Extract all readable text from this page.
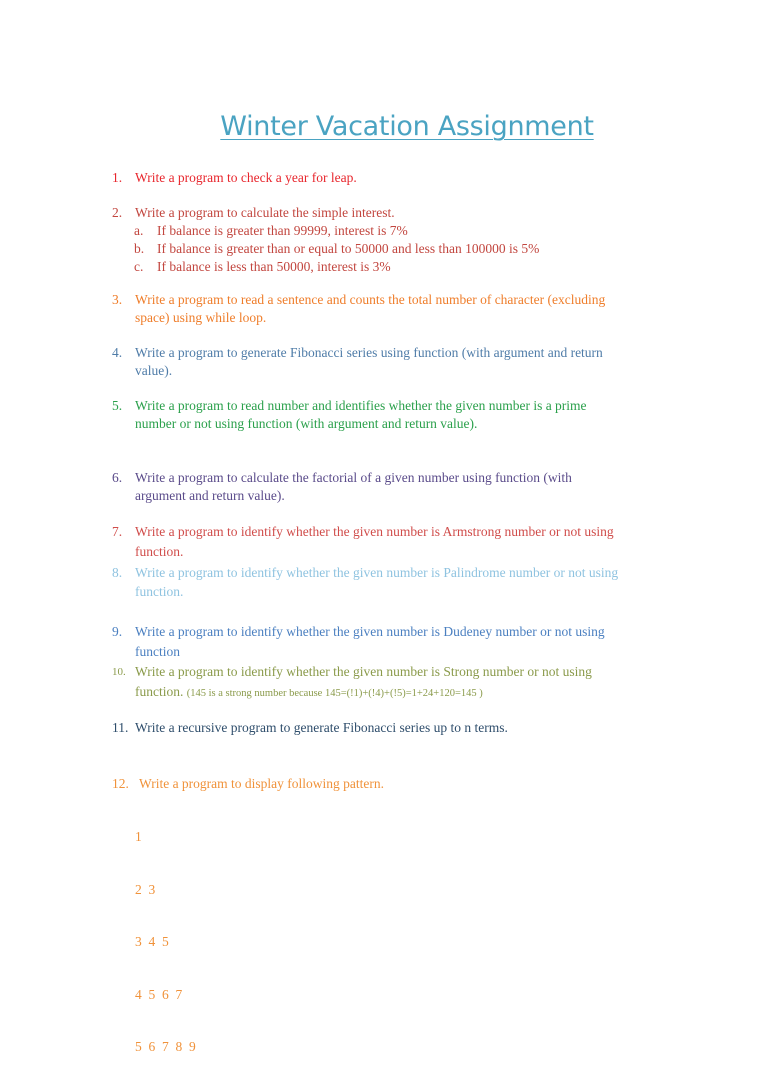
Winter Vacation Assignment
1. Write a program to check a year for leap.
2. Write a program to calculate the simple interest.
a. If balance is greater than 99999, interest is 7%
b. If balance is greater than or equal to 50000 and less than 100000 is 5%
c. If balance is less than 50000, interest is 3%
3. Write a program to read a sentence and counts the total number of character (excluding
space) using while loop.
4. Write a program to generate Fibonacci series using function (with argument and return
value).
5. Write a program to read number and identifies whether the given number is a prime
number or not using function (with argument and return value).
6. Write a program to calculate the factorial of a given number using function (with
argument and return value).
7. Write a program to identify whether the given number is Armstrong number or not using
function.
8. Write a program to identify whether the given number is Palindrome number or not using
function.
9. Write a program to identify whether the given number is Dudeney number or not using
function
10. Write a program to identify whether the given number is Strong number or not using
function. (145 is a strong number because 145=(!1)+(!4)+(!5)=1+24+120=145 )
11. Write a recursive program to generate Fibonacci series up to n terms.
12. Write a program to display following pattern.

1

2  3

3  4  5

4  5  6  7

5  6  7  8  9
